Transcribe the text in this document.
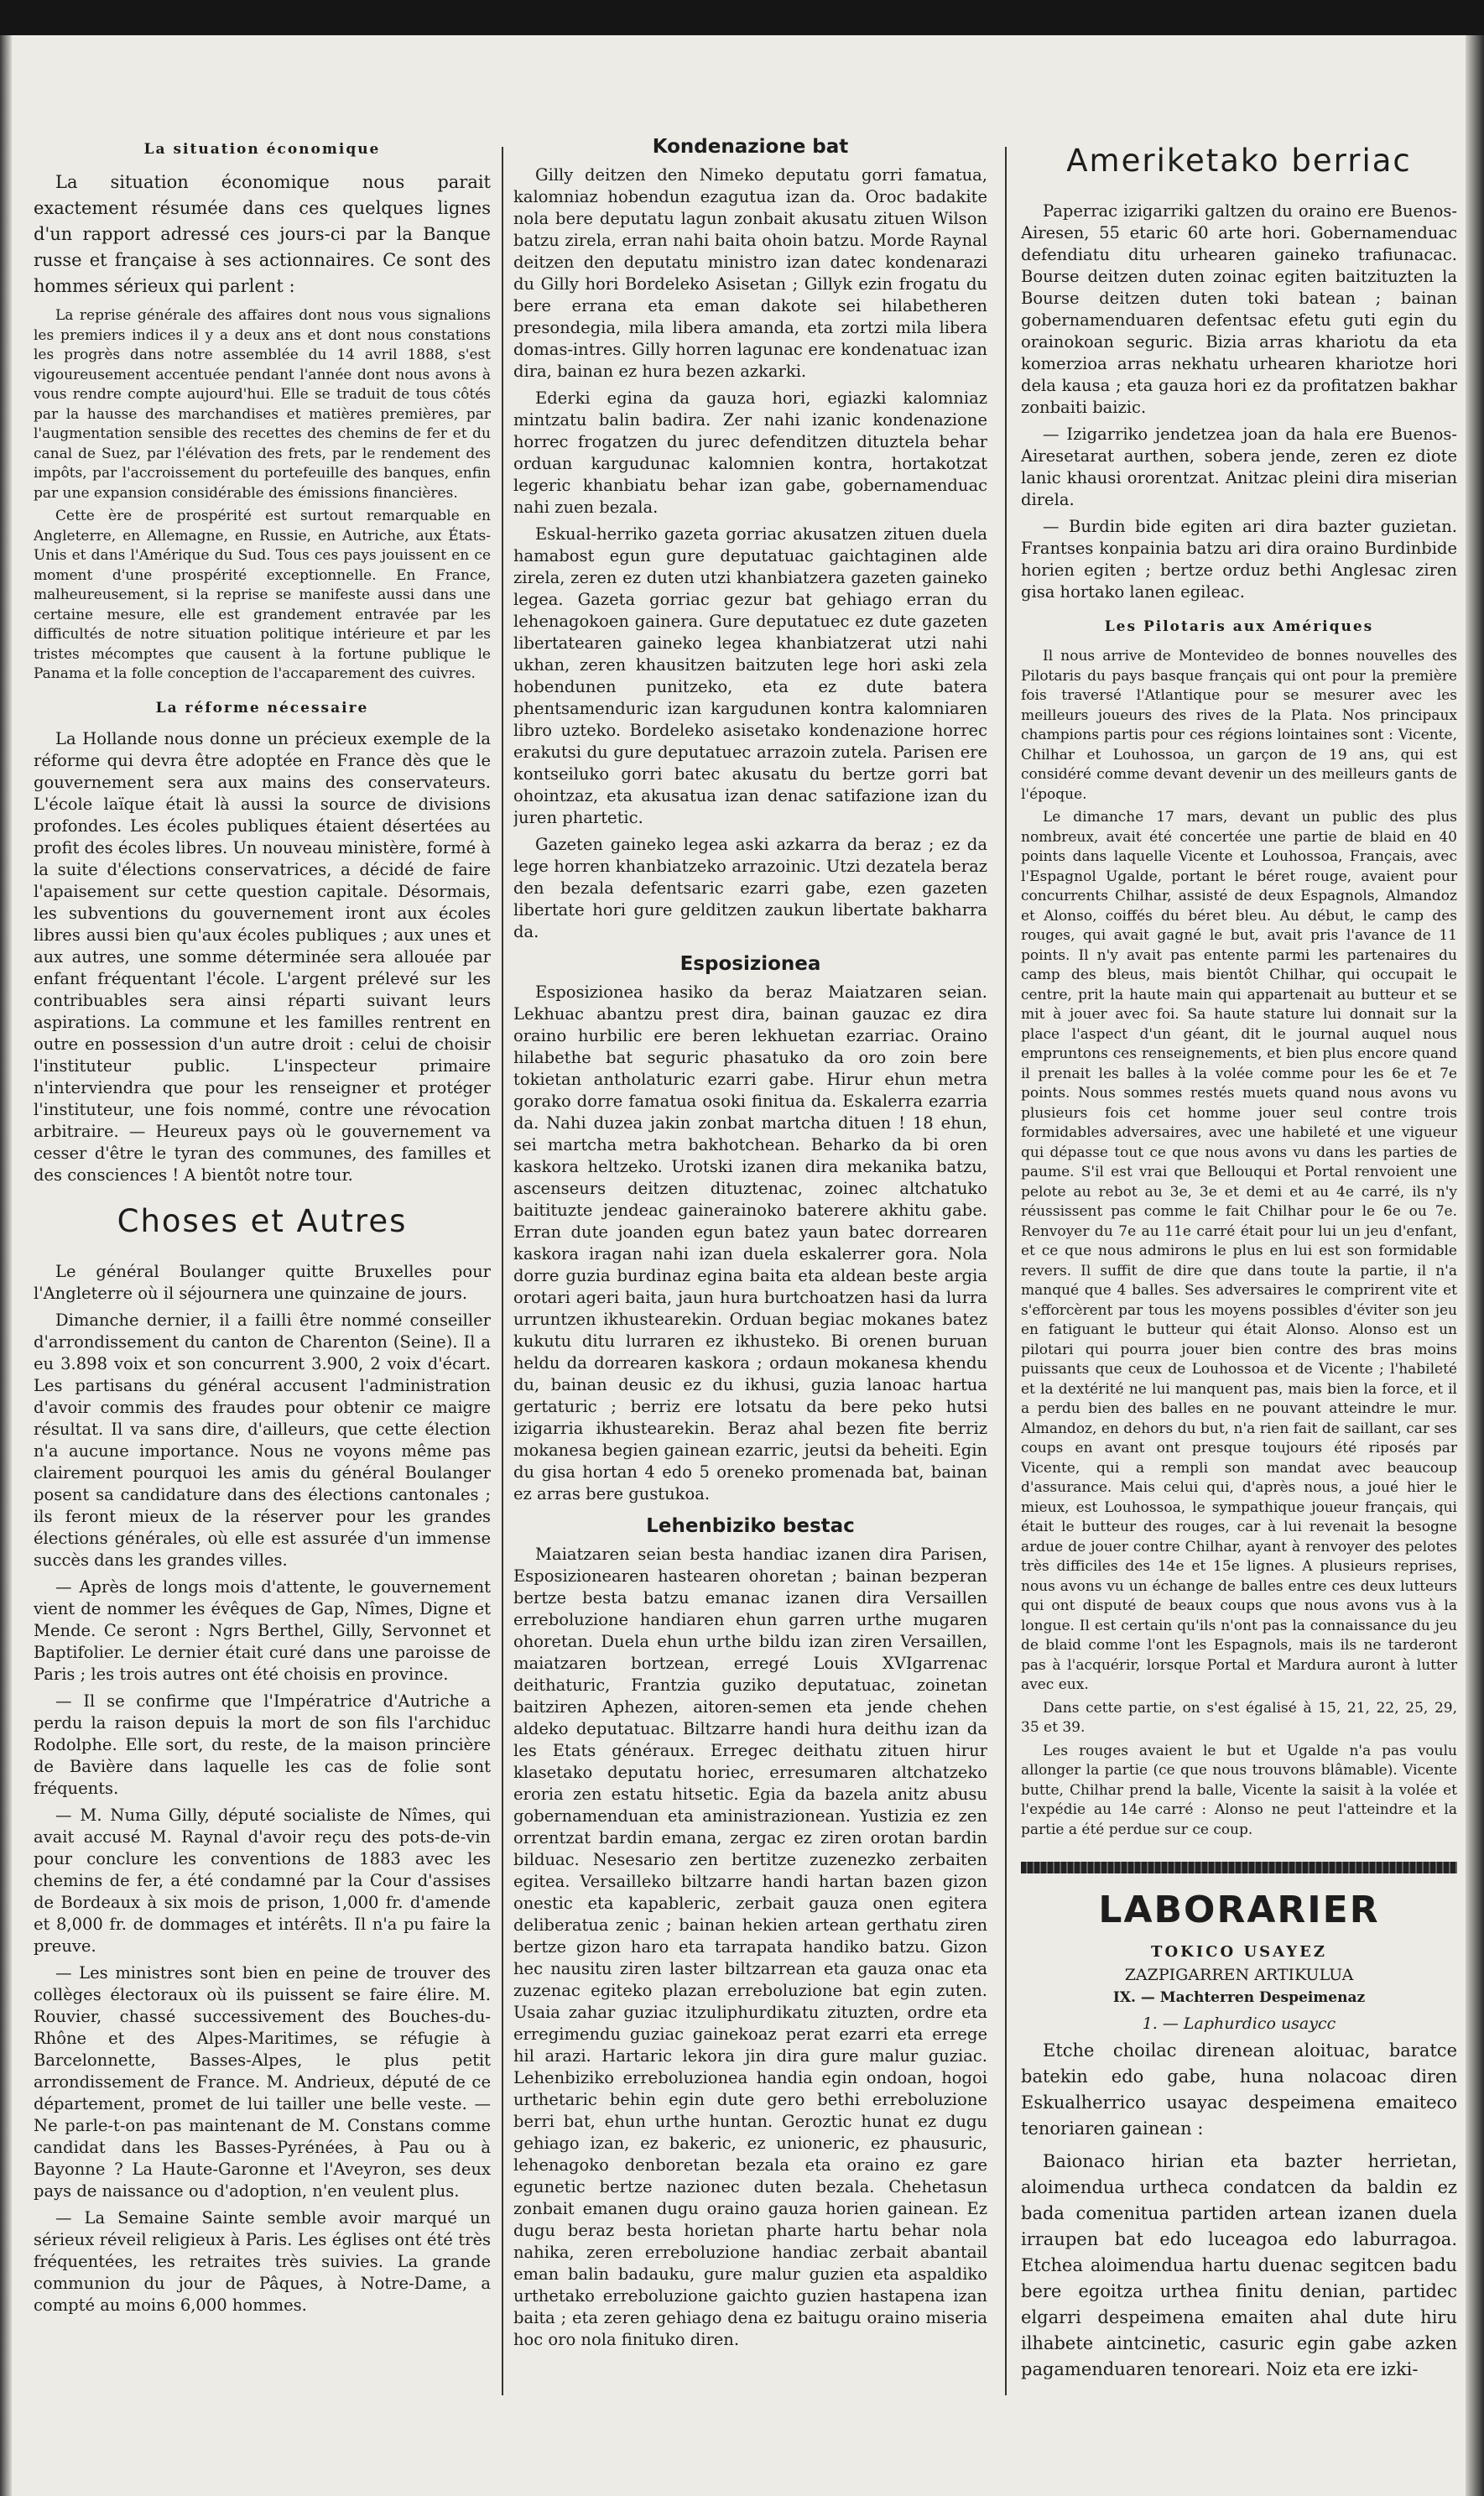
La situation économique

La situation économique nous parait exactement résumée dans ces quelques lignes d'un rapport adressé ces jours-ci par la Banque russe et française à ses actionnaires. Ce sont des hommes sérieux qui parlent :

La reprise générale des affaires dont nous vous signalions les premiers indices il y a deux ans et dont nous constations les progrès dans notre assemblée du 14 avril 1888, s'est vigoureusement accentuée pendant l'année dont nous avons à vous rendre compte aujourd'hui. Elle se traduit de tous côtés par la hausse des marchandises et matières premières, par l'augmentation sensible des recettes des chemins de fer et du canal de Suez, par l'élévation des frets, par le rendement des impôts, par l'accroissement du portefeuille des banques, enfin par une expansion considérable des émissions financières.

Cette ère de prospérité est surtout remarquable en Angleterre, en Allemagne, en Russie, en Autriche, aux États-Unis et dans l'Amérique du Sud. Tous ces pays jouissent en ce moment d'une prospérité exceptionnelle. En France, malheureusement, si la reprise se manifeste aussi dans une certaine mesure, elle est grandement entravée par les difficultés de notre situation politique intérieure et par les tristes mécomptes que causent à la fortune publique le Panama et la folle conception de l'accaparement des cuivres.

La réforme nécessaire

La Hollande nous donne un précieux exemple de la réforme qui devra être adoptée en France dès que le gouvernement sera aux mains des conservateurs. L'école laïque était là aussi la source de divisions profondes. Les écoles publiques étaient désertées au profit des écoles libres. Un nouveau ministère, formé à la suite d'élections conservatrices, a décidé de faire l'apaisement sur cette question capitale. Désormais, les subventions du gouvernement iront aux écoles libres aussi bien qu'aux écoles publiques ; aux unes et aux autres, une somme déterminée sera allouée par enfant fréquentant l'école. L'argent prélevé sur les contribuables sera ainsi réparti suivant leurs aspirations. La commune et les familles rentrent en outre en possession d'un autre droit : celui de choisir l'instituteur public. L'inspecteur primaire n'interviendra que pour les renseigner et protéger l'instituteur, une fois nommé, contre une révocation arbitraire. — Heureux pays où le gouvernement va cesser d'être le tyran des communes, des familles et des consciences ! A bientôt notre tour.

Choses et Autres

Le général Boulanger quitte Bruxelles pour l'Angleterre où il séjournera une quinzaine de jours.

Dimanche dernier, il a failli être nommé conseiller d'arrondissement du canton de Charenton (Seine). Il a eu 3.898 voix et son concurrent 3.900, 2 voix d'écart. Les partisans du général accusent l'administration d'avoir commis des fraudes pour obtenir ce maigre résultat. Il va sans dire, d'ailleurs, que cette élection n'a aucune importance. Nous ne voyons même pas clairement pourquoi les amis du général Boulanger posent sa candidature dans des élections cantonales ; ils feront mieux de la réserver pour les grandes élections générales, où elle est assurée d'un immense succès dans les grandes villes.

— Après de longs mois d'attente, le gouvernement vient de nommer les évêques de Gap, Nîmes, Digne et Mende. Ce seront : Ngrs Berthel, Gilly, Servonnet et Baptifolier. Le dernier était curé dans une paroisse de Paris ; les trois autres ont été choisis en province.

— Il se confirme que l'Impératrice d'Autriche a perdu la raison depuis la mort de son fils l'archiduc Rodolphe. Elle sort, du reste, de la maison princière de Bavière dans laquelle les cas de folie sont fréquents.

— M. Numa Gilly, député socialiste de Nîmes, qui avait accusé M. Raynal d'avoir reçu des pots-de-vin pour conclure les conventions de 1883 avec les chemins de fer, a été condamné par la Cour d'assises de Bordeaux à six mois de prison, 1,000 fr. d'amende et 8,000 fr. de dommages et intérêts. Il n'a pu faire la preuve.

— Les ministres sont bien en peine de trouver des collèges électoraux où ils puissent se faire élire. M. Rouvier, chassé successivement des Bouches-du-Rhône et des Alpes-Maritimes, se réfugie à Barcelonnette, Basses-Alpes, le plus petit arrondissement de France. M. Andrieux, député de ce département, promet de lui tailler une belle veste. — Ne parle-t-on pas maintenant de M. Constans comme candidat dans les Basses-Pyrénées, à Pau ou à Bayonne ? La Haute-Garonne et l'Aveyron, ses deux pays de naissance ou d'adoption, n'en veulent plus.

— La Semaine Sainte semble avoir marqué un sérieux réveil religieux à Paris. Les églises ont été très fréquentées, les retraites très suivies. La grande communion du jour de Pâques, à Notre-Dame, a compté au moins 6,000 hommes.

Kondenazione bat

Gilly deitzen den Nimeko deputatu gorri famatua, kalomniaz hobendun ezagutua izan da. Oroc badakite nola bere deputatu lagun zonbait akusatu zituen Wilson batzu zirela, erran nahi baita ohoin batzu. Morde Raynal deitzen den deputatu ministro izan datec kondenarazi du Gilly hori Bordeleko Asisetan ; Gillyk ezin frogatu du bere errana eta eman dakote sei hilabetheren presondegia, mila libera amanda, eta zortzi mila libera domas-intres. Gilly horren lagunac ere kondenatuac izan dira, bainan ez hura bezen azkarki.

Ederki egina da gauza hori, egiazki kalomniaz mintzatu balin badira. Zer nahi izanic kondenazione horrec frogatzen du jurec defenditzen dituztela behar orduan kargudunac kalomnien kontra, hortakotzat legeric khanbiatu behar izan gabe, gobernamenduac nahi zuen bezala.

Eskual-herriko gazeta gorriac akusatzen zituen duela hamabost egun gure deputatuac gaichtaginen alde zirela, zeren ez duten utzi khanbiatzera gazeten gaineko legea. Gazeta gorriac gezur bat gehiago erran du lehenagokoen gainera. Gure deputatuec ez dute gazeten libertatearen gaineko legea khanbiatzerat utzi nahi ukhan, zeren khausitzen baitzuten lege hori aski zela hobendunen punitzeko, eta ez dute batera phentsamenduric izan kargudunen kontra kalomniaren libro uzteko. Bordeleko asisetako kondenazione horrec erakutsi du gure deputatuec arrazoin zutela. Parisen ere kontseiluko gorri batec akusatu du bertze gorri bat ohointzaz, eta akusatua izan denac satifazione izan du juren phartetic.

Gazeten gaineko legea aski azkarra da beraz ; ez da lege horren khanbiatzeko arrazoinic. Utzi dezatela beraz den bezala defentsaric ezarri gabe, ezen gazeten libertate hori gure gelditzen zaukun libertate bakharra da.

Esposizionea

Esposizionea hasiko da beraz Maiatzaren seian. Lekhuac abantzu prest dira, bainan gauzac ez dira oraino hurbilic ere beren lekhuetan ezarriac. Oraino hilabethe bat seguric phasatuko da oro zoin bere tokietan antholaturic ezarri gabe. Hirur ehun metra gorako dorre famatua osoki finitua da. Eskalerra ezarria da. Nahi duzea jakin zonbat martcha dituen ! 18 ehun, sei martcha metra bakhotchean. Beharko da bi oren kaskora heltzeko. Urotski izanen dira mekanika batzu, ascenseurs deitzen dituztenac, zoinec altchatuko baitituzte jendeac gainerainoko baterere akhitu gabe. Erran dute joanden egun batez yaun batec dorrearen kaskora iragan nahi izan duela eskalerrer gora. Nola dorre guzia burdinaz egina baita eta aldean beste argia orotari ageri baita, jaun hura burtchoatzen hasi da lurra urruntzen ikhustearekin. Orduan begiac mokanes batez kukutu ditu lurraren ez ikhusteko. Bi orenen buruan heldu da dorrearen kaskora ; ordaun mokanesa khendu du, bainan deusic ez du ikhusi, guzia lanoac hartua gertaturic ; berriz ere lotsatu da bere peko hutsi izigarria ikhustearekin. Beraz ahal bezen fite berriz mokanesa begien gainean ezarric, jeutsi da beheiti. Egin du gisa hortan 4 edo 5 oreneko promenada bat, bainan ez arras bere gustukoa.

Lehenbiziko bestac

Maiatzaren seian besta handiac izanen dira Parisen, Esposizionearen hastearen ohoretan ; bainan bezperan bertze besta batzu emanac izanen dira Versaillen erreboluzione handiaren ehun garren urthe mugaren ohoretan. Duela ehun urthe bildu izan ziren Versaillen, maiatzaren bortzean, erregé Louis XVIgarrenac deithaturic, Frantzia guziko deputatuac, zoinetan baitziren Aphezen, aitoren-semen eta jende chehen aldeko deputatuac. Biltzarre handi hura deithu izan da les Etats généraux. Erregec deithatu zituen hirur klasetako deputatu horiec, erresumaren altchatzeko eroria zen estatu hitsetic. Egia da bazela anitz abusu gobernamenduan eta aministrazionean. Yustizia ez zen orrentzat bardin emana, zergac ez ziren orotan bardin bilduac. Nesesario zen bertitze zuzenezko zerbaiten egitea. Versailleko biltzarre handi hartan bazen gizon onestic eta kapableric, zerbait gauza onen egitera deliberatua zenic ; bainan hekien artean gerthatu ziren bertze gizon haro eta tarrapata handiko batzu. Gizon hec nausitu ziren laster biltzarrean eta gauza onac eta zuzenac egiteko plazan erreboluzione bat egin zuten. Usaia zahar guziac itzuliphurdikatu zituzten, ordre eta erregimendu guziac gainekoaz perat ezarri eta errege hil arazi. Hartaric lekora jin dira gure malur guziac. Lehenbiziko erreboluzionea handia egin ondoan, hogoi urthetaric behin egin dute gero bethi erreboluzione berri bat, ehun urthe huntan. Geroztic hunat ez dugu gehiago izan, ez bakeric, ez unioneric, ez phausuric, lehenagoko denboretan bezala eta oraino ez gare egunetic bertze nazionec duten bezala. Chehetasun zonbait emanen dugu oraino gauza horien gainean. Ez dugu beraz besta horietan pharte hartu behar nola nahika, zeren erreboluzione handiac zerbait abantail eman balin badauku, gure malur guzien eta aspaldiko urthetako erreboluzione gaichto guzien hastapena izan baita ; eta zeren gehiago dena ez baitugu oraino miseria hoc oro nola finituko diren.

Ameriketako berriac

Paperrac izigarriki galtzen du oraino ere Buenos-Airesen, 55 etaric 60 arte hori. Gobernamenduac defendiatu ditu urhearen gaineko trafiunacac. Bourse deitzen duten zoinac egiten baitzituzten la Bourse deitzen duten toki batean ; bainan gobernamenduaren defentsac efetu guti egin du orainokoan seguric. Bizia arras khariotu da eta komerzioa arras nekhatu urhearen khariotze hori dela kausa ; eta gauza hori ez da profitatzen bakhar zonbaiti baizic.

— Izigarriko jendetzea joan da hala ere Buenos-Airesetarat aurthen, sobera jende, zeren ez diote lanic khausi ororentzat. Anitzac pleini dira miserian direla.

— Burdin bide egiten ari dira bazter guzietan. Frantses konpainia batzu ari dira oraino Burdinbide horien egiten ; bertze orduz bethi Anglesac ziren gisa hortako lanen egileac.

Les Pilotaris aux Amériques

Il nous arrive de Montevideo de bonnes nouvelles des Pilotaris du pays basque français qui ont pour la première fois traversé l'Atlantique pour se mesurer avec les meilleurs joueurs des rives de la Plata. Nos principaux champions partis pour ces régions lointaines sont : Vicente, Chilhar et Louhossoa, un garçon de 19 ans, qui est considéré comme devant devenir un des meilleurs gants de l'époque.

Le dimanche 17 mars, devant un public des plus nombreux, avait été concertée une partie de blaid en 40 points dans laquelle Vicente et Louhossoa, Français, avec l'Espagnol Ugalde, portant le béret rouge, avaient pour concurrents Chilhar, assisté de deux Espagnols, Almandoz et Alonso, coiffés du béret bleu. Au début, le camp des rouges, qui avait gagné le but, avait pris l'avance de 11 points. Il n'y avait pas entente parmi les partenaires du camp des bleus, mais bientôt Chilhar, qui occupait le centre, prit la haute main qui appartenait au butteur et se mit à jouer avec foi. Sa haute stature lui donnait sur la place l'aspect d'un géant, dit le journal auquel nous empruntons ces renseignements, et bien plus encore quand il prenait les balles à la volée comme pour les 6e et 7e points. Nous sommes restés muets quand nous avons vu plusieurs fois cet homme jouer seul contre trois formidables adversaires, avec une habileté et une vigueur qui dépasse tout ce que nous avons vu dans les parties de paume. S'il est vrai que Bellouqui et Portal renvoient une pelote au rebot au 3e, 3e et demi et au 4e carré, ils n'y réussissent pas comme le fait Chilhar pour le 6e ou 7e. Renvoyer du 7e au 11e carré était pour lui un jeu d'enfant, et ce que nous admirons le plus en lui est son formidable revers. Il suffit de dire que dans toute la partie, il n'a manqué que 4 balles. Ses adversaires le comprirent vite et s'efforcèrent par tous les moyens possibles d'éviter son jeu en fatiguant le butteur qui était Alonso. Alonso est un pilotari qui pourra jouer bien contre des bras moins puissants que ceux de Louhossoa et de Vicente ; l'habileté et la dextérité ne lui manquent pas, mais bien la force, et il a perdu bien des balles en ne pouvant atteindre le mur. Almandoz, en dehors du but, n'a rien fait de saillant, car ses coups en avant ont presque toujours été riposés par Vicente, qui a rempli son mandat avec beaucoup d'assurance. Mais celui qui, d'après nous, a joué hier le mieux, est Louhossoa, le sympathique joueur français, qui était le butteur des rouges, car à lui revenait la besogne ardue de jouer contre Chilhar, ayant à renvoyer des pelotes très difficiles des 14e et 15e lignes. A plusieurs reprises, nous avons vu un échange de balles entre ces deux lutteurs qui ont disputé de beaux coups que nous avons vus à la longue. Il est certain qu'ils n'ont pas la connaissance du jeu de blaid comme l'ont les Espagnols, mais ils ne tarderont pas à l'acquérir, lorsque Portal et Mardura auront à lutter avec eux.

Dans cette partie, on s'est égalisé à 15, 21, 22, 25, 29, 35 et 39.

Les rouges avaient le but et Ugalde n'a pas voulu allonger la partie (ce que nous trouvons blâmable). Vicente butte, Chilhar prend la balle, Vicente la saisit à la volée et l'expédie au 14e carré : Alonso ne peut l'atteindre et la partie a été perdue sur ce coup.

LABORARIER
TOKICO USAYEZ
ZAZPIGARREN ARTIKULUA
IX. — Machterren Despeimenaz
1. — Laphurdico usaycc

Etche choilac direnean aloituac, baratce batekin edo gabe, huna nolacoac diren Eskualherrico usayac despeimena emaiteco tenoriaren gainean :

Baionaco hirian eta bazter herrietan, aloimendua urtheca condatcen da baldin ez bada comenitua partiden artean izanen duela irraupen bat edo luceagoa edo laburragoa. Etchea aloimendua hartu duenac segitcen badu bere egoitza urthea finitu denian, partidec elgarri despeimena emaiten ahal dute hiru ilhabete aintcinetic, casuric egin gabe azken pagamenduaren tenoreari. Noiz eta ere izki-
